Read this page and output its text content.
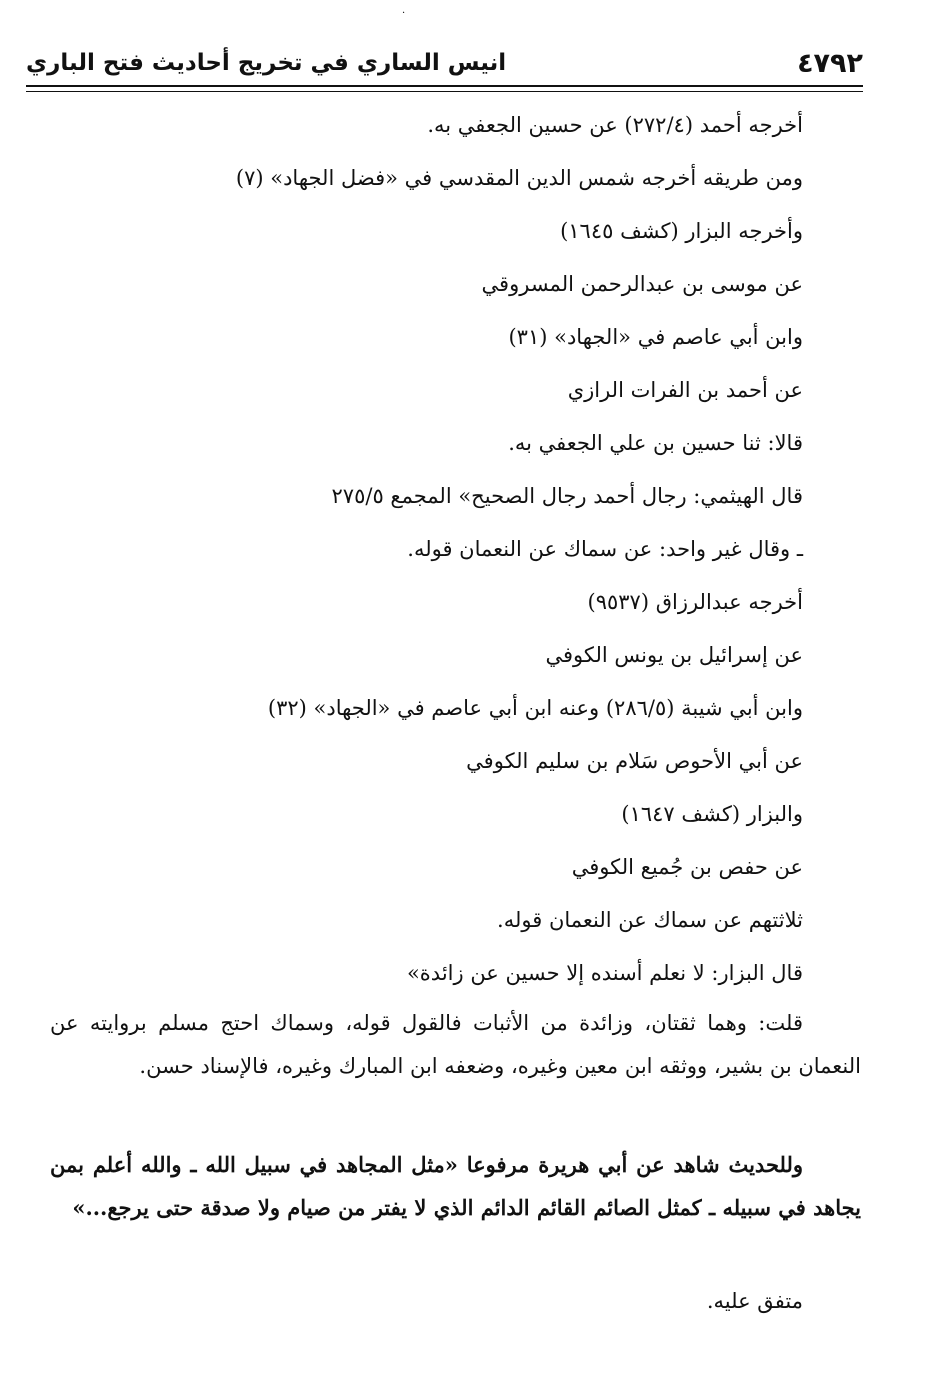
·
انيس الساري في تخريج أحاديث فتح الباري	٤٧٩٢
أخرجه أحمد (٢٧٢/٤) عن حسين الجعفي به.
ومن طريقه أخرجه شمس الدين المقدسي في «فضل الجهاد» (٧)
وأخرجه البزار (كشف ١٦٤٥)
عن موسى بن عبدالرحمن المسروقي
وابن أبي عاصم في «الجهاد» (٣١)
عن أحمد بن الفرات الرازي
قالا: ثنا حسين بن علي الجعفي به.
قال الهيثمي: رجال أحمد رجال الصحيح» المجمع ٢٧٥/٥
ـ وقال غير واحد: عن سماك عن النعمان قوله.
أخرجه عبدالرزاق (٩٥٣٧)
عن إسرائيل بن يونس الكوفي
وابن أبي شيبة (٢٨٦/٥) وعنه ابن أبي عاصم في «الجهاد» (٣٢)
عن أبي الأحوص سَلام بن سليم الكوفي
والبزار (كشف ١٦٤٧)
عن حفص بن جُميع الكوفي
ثلاثتهم عن سماك عن النعمان قوله.
قال البزار: لا نعلم أسنده إلا حسين عن زائدة»
قلت: وهما ثقتان، وزائدة من الأثبات فالقول قوله، وسماك احتج مسلم بروايته عن النعمان بن بشير، ووثقه ابن معين وغيره، وضعفه ابن المبارك وغيره، فالإسناد حسن.
وللحديث شاهد عن أبي هريرة مرفوعا «مثل المجاهد في سبيل الله ـ والله أعلم بمن يجاهد في سبيله ـ كمثل الصائم القائم الدائم الذي لا يفتر من صيام ولا صدقة حتى يرجع...»
متفق عليه.
